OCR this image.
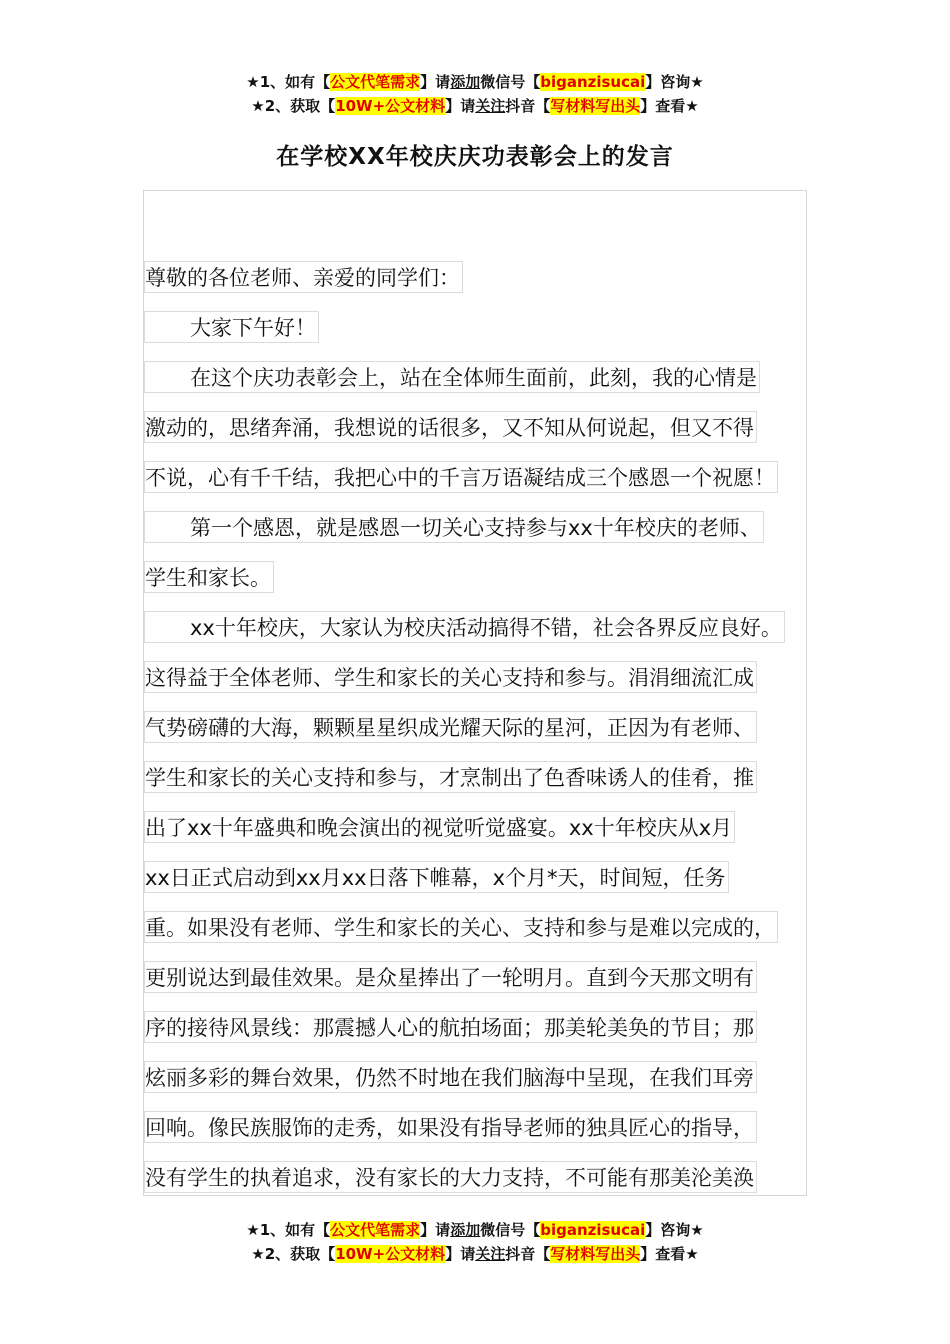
★1、如有【公文代笔需求】请添加微信号【biganzisucai】咨询★
★2、获取【10W+公文材料】请关注抖音【写材料写出头】查看★
在学校XX年校庆庆功表彰会上的发言
尊敬的各位老师、亲爱的同学们：
大家下午好！
在这个庆功表彰会上，站在全体师生面前，此刻，我的心情是
激动的，思绪奔涌，我想说的话很多，又不知从何说起，但又不得
不说，心有千千结，我把心中的千言万语凝结成三个感恩一个祝愿！
第一个感恩，就是感恩一切关心支持参与xx十年校庆的老师、
学生和家长。
xx十年校庆，大家认为校庆活动搞得不错，社会各界反应良好。
这得益于全体老师、学生和家长的关心支持和参与。涓涓细流汇成
气势磅礴的大海，颗颗星星织成光耀天际的星河，正因为有老师、
学生和家长的关心支持和参与，才烹制出了色香味诱人的佳肴，推
出了xx十年盛典和晚会演出的视觉听觉盛宴。xx十年校庆从x月
xx日正式启动到xx月xx日落下帷幕，x个月*天，时间短，任务
重。如果没有老师、学生和家长的关心、支持和参与是难以完成的，
更别说达到最佳效果。是众星捧出了一轮明月。直到今天那文明有
序的接待风景线：那震撼人心的航拍场面；那美轮美奂的节目；那
炫丽多彩的舞台效果，仍然不时地在我们脑海中呈现，在我们耳旁
回响。像民族服饰的走秀，如果没有指导老师的独具匠心的指导，
没有学生的执着追求，没有家长的大力支持，不可能有那美沦美涣
★1、如有【公文代笔需求】请添加微信号【biganzisucai】咨询★
★2、获取【10W+公文材料】请关注抖音【写材料写出头】查看★
